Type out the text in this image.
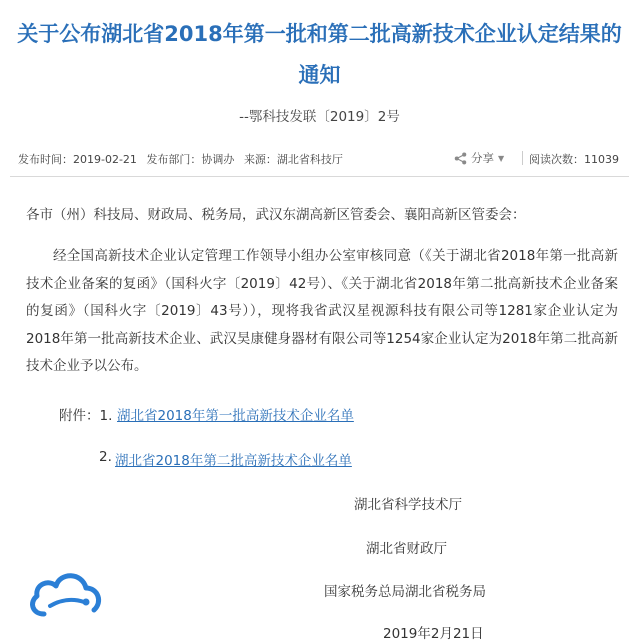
关于公布湖北省2018年第一批和第二批高新技术企业认定结果的通知
--鄂科技发联〔2019〕2号
发布时间：2019-02-21 发布部门：协调办 来源：湖北省科技厅	分享 ▼ 阅读次数：11039
各市（州）科技局、财政局、税务局，武汉东湖高新区管委会、襄阳高新区管委会：
经全国高新技术企业认定管理工作领导小组办公室审核同意（《关于湖北省2018年第一批高新技术企业备案的复函》（国科火字〔2019〕42号）、《关于湖北省2018年第二批高新技术企业备案的复函》（国科火字〔2019〕43号）），现将我省武汉星视源科技有限公司等1281家企业认定为2018年第一批高新技术企业、武汉昊康健身器材有限公司等1254家企业认定为2018年第二批高新技术企业予以公布。
附件：1. 湖北省2018年第一批高新技术企业名单
2. 湖北省2018年第二批高新技术企业名单
湖北省科学技术厅
湖北省财政厅
国家税务总局湖北省税务局
2019年2月21日
